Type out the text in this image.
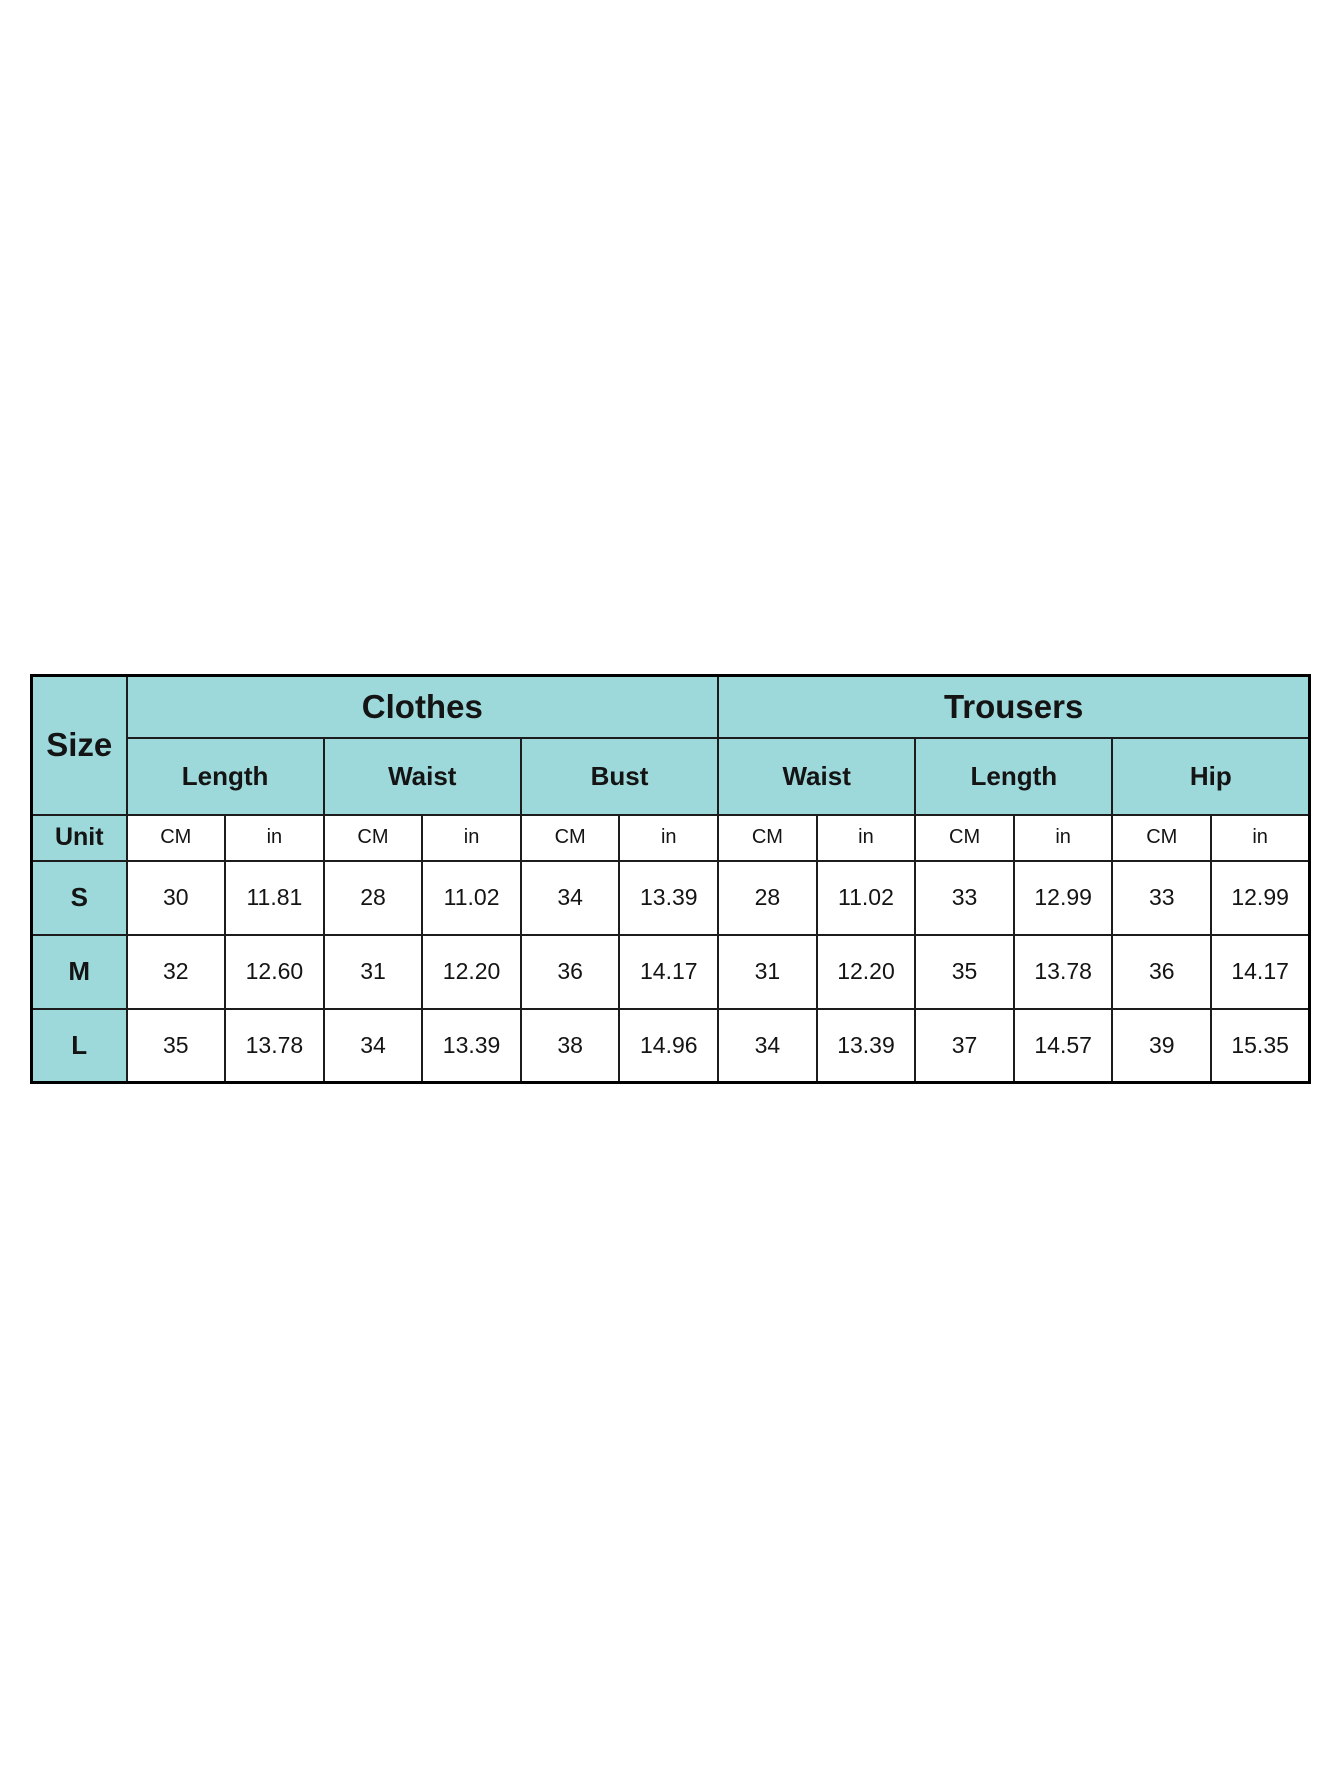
Size	Clothes						Trousers					
	Length		Waist		Bust		Waist		Length		Hip	
Unit	CM	in	CM	in	CM	in	CM	in	CM	in	CM	in
S	30	11.81	28	11.02	34	13.39	28	11.02	33	12.99	33	12.99
M	32	12.60	31	12.20	36	14.17	31	12.20	35	13.78	36	14.17
L	35	13.78	34	13.39	38	14.96	34	13.39	37	14.57	39	15.35
